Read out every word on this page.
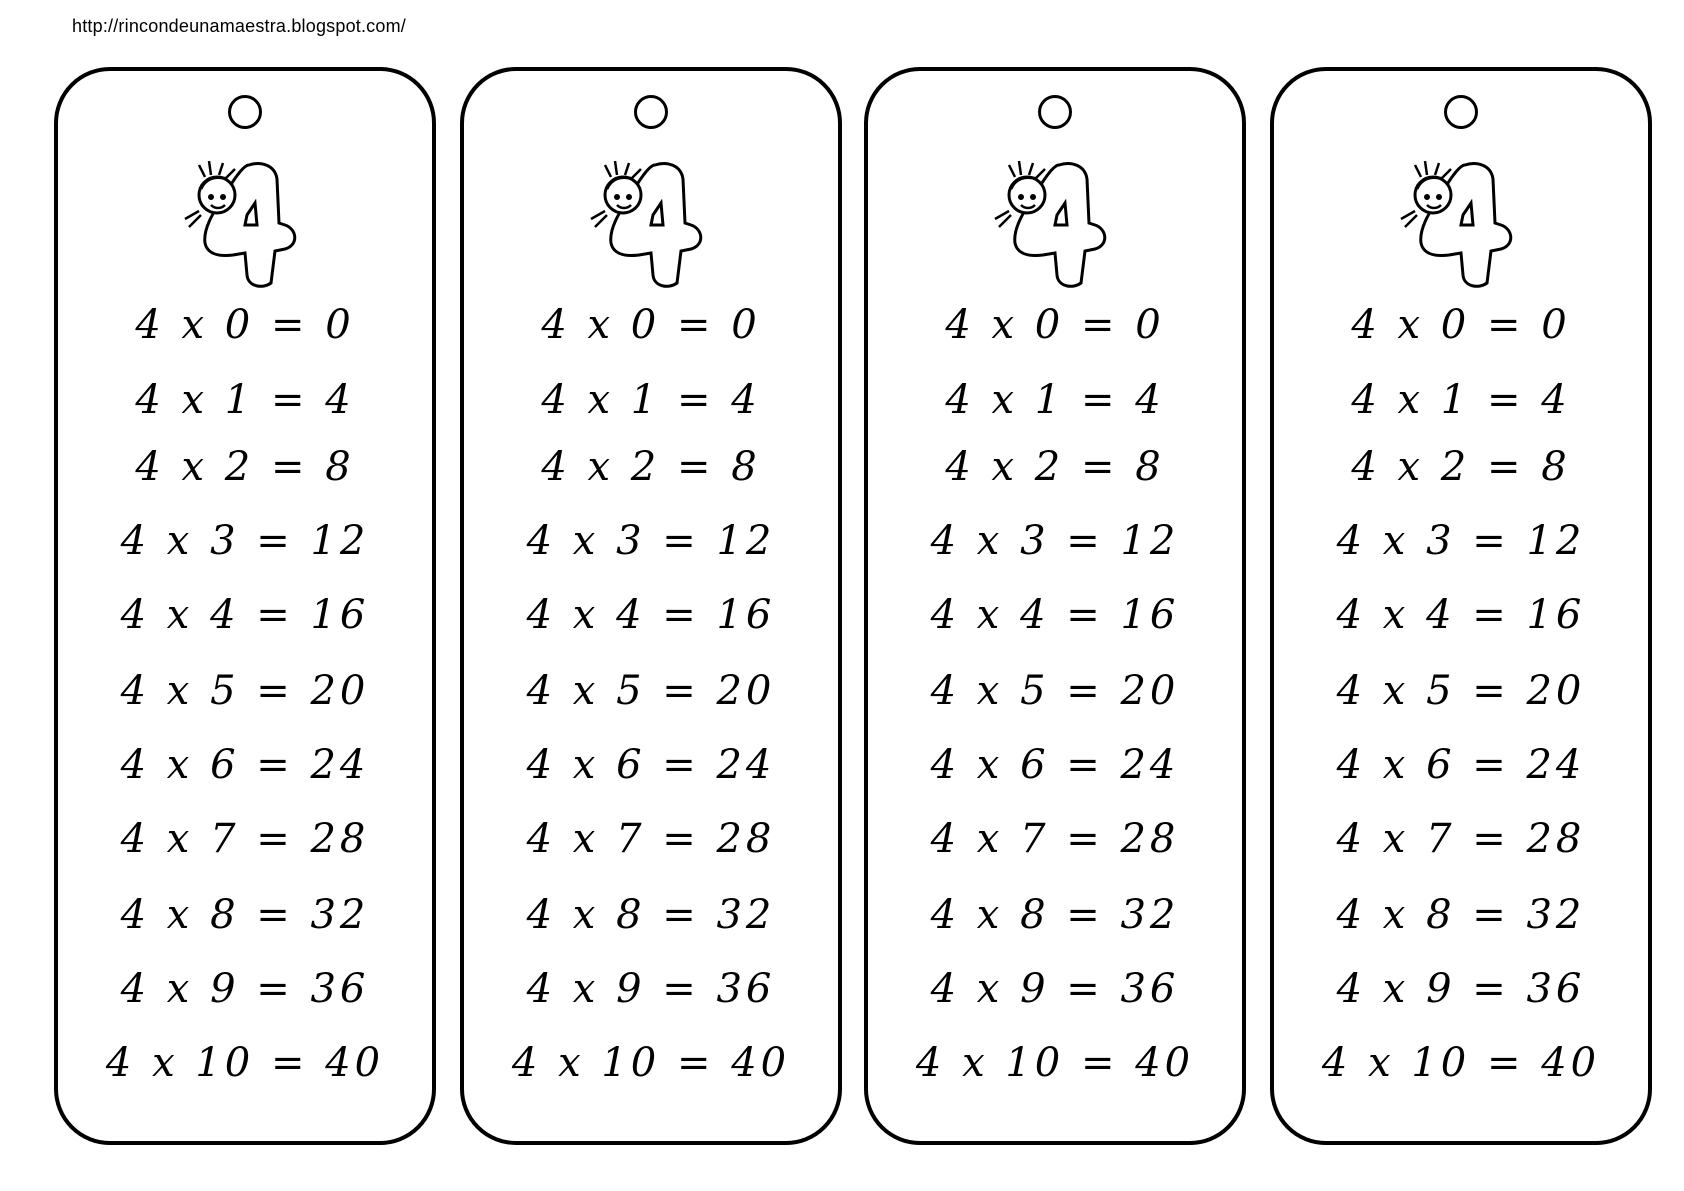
http://rincondeunamaestra.blogspot.com/
4 x 0 = 0
4 x 1 = 4
4 x 2 = 8
4 x 3 = 12
4 x 4 = 16
4 x 5 = 20
4 x 6 = 24
4 x 7 = 28
4 x 8 = 32
4 x 9 = 36
4 x 10 = 40
4 x 0 = 0
4 x 1 = 4
4 x 2 = 8
4 x 3 = 12
4 x 4 = 16
4 x 5 = 20
4 x 6 = 24
4 x 7 = 28
4 x 8 = 32
4 x 9 = 36
4 x 10 = 40
4 x 0 = 0
4 x 1 = 4
4 x 2 = 8
4 x 3 = 12
4 x 4 = 16
4 x 5 = 20
4 x 6 = 24
4 x 7 = 28
4 x 8 = 32
4 x 9 = 36
4 x 10 = 40
4 x 0 = 0
4 x 1 = 4
4 x 2 = 8
4 x 3 = 12
4 x 4 = 16
4 x 5 = 20
4 x 6 = 24
4 x 7 = 28
4 x 8 = 32
4 x 9 = 36
4 x 10 = 40
